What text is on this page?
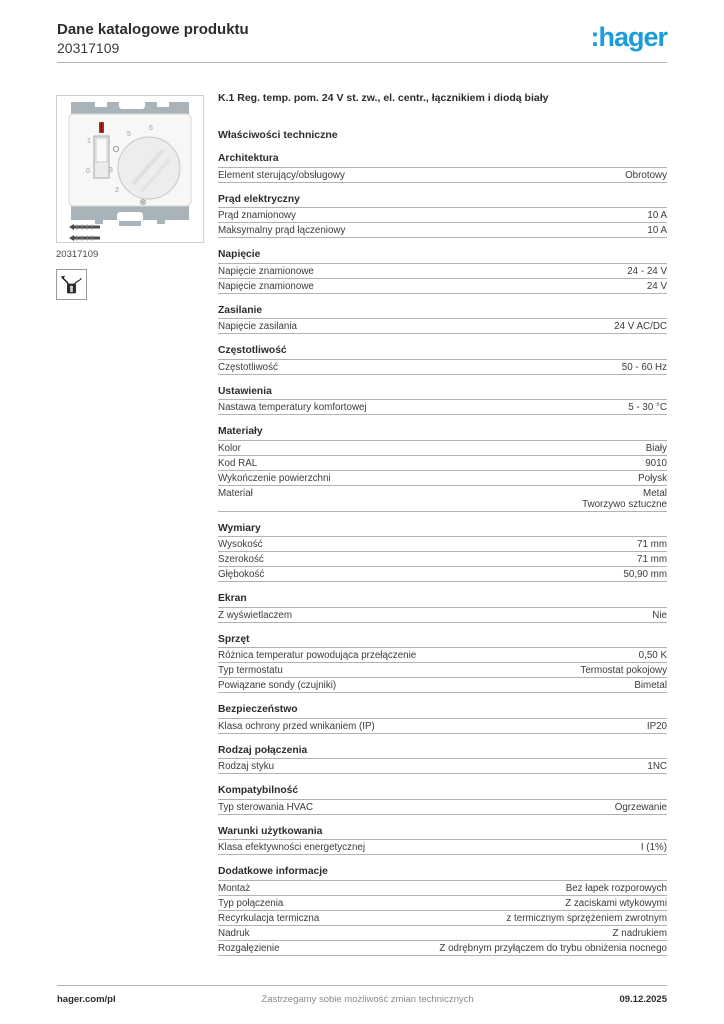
Dane katalogowe produktu
20317109	:hager
1
0
5
6
3
2
20317109
K.1 Reg. temp. pom. 24 V st. zw., el. centr., łącznikiem i diodą biały
Właściwości techniczne
Architektura
Element sterujący/obsługowy	Obrotowy
Prąd elektryczny
Prąd znamionowy	10 A
Maksymalny prąd łączeniowy	10 A
Napięcie
Napięcie znamionowe	24 - 24 V
Napięcie znamionowe	24 V
Zasilanie
Napięcie zasilania	24 V AC/DC
Częstotliwość
Częstotliwość	50 - 60 Hz
Ustawienia
Nastawa temperatury komfortowej	5 - 30 °C
Materiały
Kolor	Biały
Kod RAL	9010
Wykończenie powierzchni	Połysk
Materiał	Metal
Tworzywo sztuczne
Wymiary
Wysokość	71 mm
Szerokość	71 mm
Głębokość	50,90 mm
Ekran
Z wyświetlaczem	Nie
Sprzęt
Różnica temperatur powodująca przełączenie	0,50 K
Typ termostatu	Termostat pokojowy
Powiązane sondy (czujniki)	Bimetal
Bezpieczeństwo
Klasa ochrony przed wnikaniem (IP)	IP20
Rodzaj połączenia
Rodzaj styku	1NC
Kompatybilność
Typ sterowania HVAC	Ogrzewanie
Warunki użytkowania
Klasa efektywności energetycznej	I (1%)
Dodatkowe informacje
Montaż	Bez łapek rozporowych
Typ połączenia	Z zaciskami wtykowymi
Recyrkulacja termiczna	z termicznym sprzężeniem zwrotnym
Nadruk	Z nadrukiem
Rozgałęzienie	Z odrębnym przyłączem do trybu obniżenia nocnego
hager.com/pl	Zastrzegamy sobie możliwość zmian technicznych	09.12.2025
